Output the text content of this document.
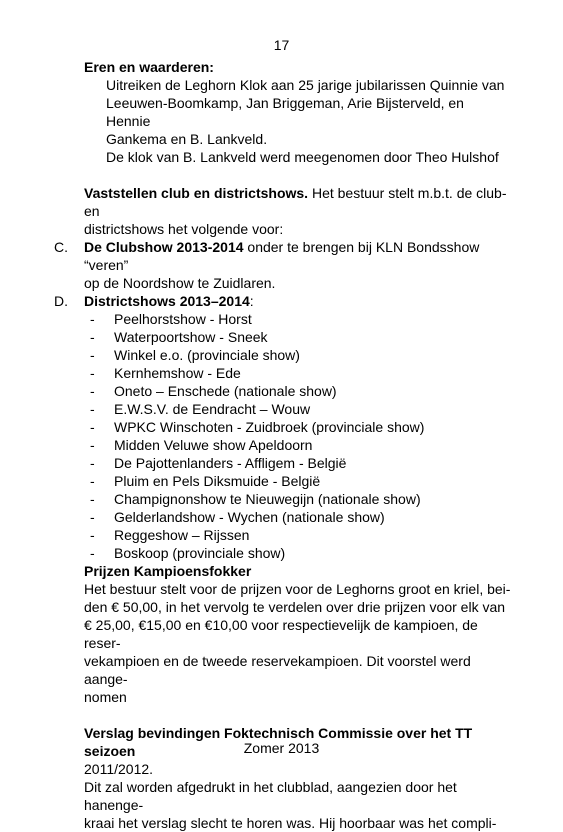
17
Eren en waarderen:
Uitreiken de Leghorn Klok aan 25 jarige jubilarissen Quinnie van
Leeuwen-Boomkamp, Jan Briggeman, Arie Bijsterveld, en Hennie
Gankema en B. Lankveld.
De klok van B. Lankveld werd meegenomen door Theo Hulshof
Vaststellen club en districtshows. Het bestuur stelt m.b.t. de club- en
districtshows het volgende voor:
C. De Clubshow 2013-2014 onder te brengen bij KLN Bondsshow “veren”
op de Noordshow te Zuidlaren.
D. Districtshows 2013–2014:
- Peelhorstshow - Horst
- Waterpoortshow - Sneek
- Winkel e.o. (provinciale show)
- Kernhemshow - Ede
- Oneto – Enschede (nationale show)
- E.W.S.V. de Eendracht – Wouw
- WPKC Winschoten - Zuidbroek (provinciale show)
- Midden Veluwe show Apeldoorn
- De Pajottenlanders - Affligem - België
- Pluim en Pels Diksmuide - België
- Champignonshow te Nieuwegijn (nationale show)
- Gelderlandshow - Wychen (nationale show)
- Reggeshow – Rijssen
- Boskoop (provinciale show)
Prijzen Kampioensfokker
Het bestuur stelt voor de prijzen voor de Leghorns groot en kriel, bei-
den € 50,00, in het vervolg te verdelen over drie prijzen voor elk van
€ 25,00, €15,00 en €10,00 voor respectievelijk de kampioen, de reser-
vekampioen en de tweede reservekampioen. Dit voorstel werd aange-
nomen
Verslag bevindingen Foktechnisch Commissie over het TT seizoen
2011/2012.
Dit zal worden afgedrukt in het clubblad, aangezien door het hanenge-
kraai het verslag slecht te horen was. Hij hoorbaar was het compli-
Zomer 2013
